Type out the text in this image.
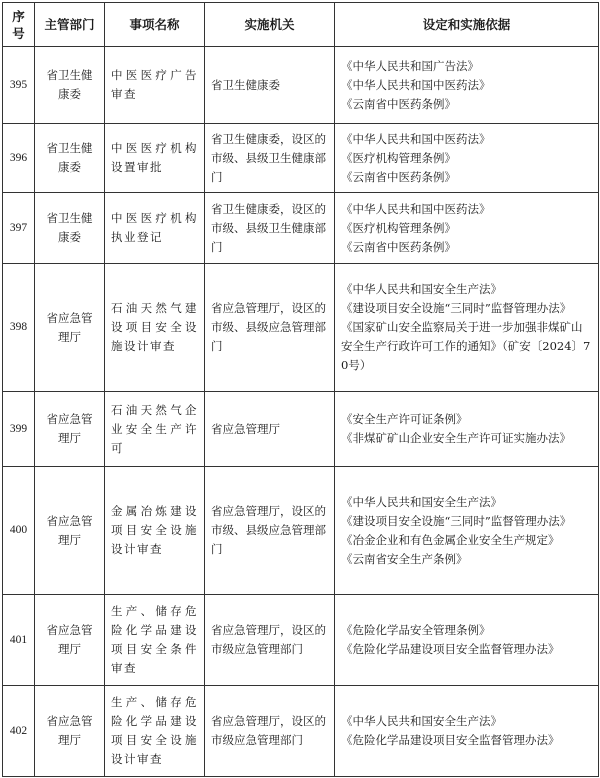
序
号	主管部门	事项名称	实施机关	设定和实施依据
395	省卫生健康委	中医医疗广告审查	省卫生健康委	《中华人民共和国广告法》
《中华人民共和国中医药法》
《云南省中医药条例》

396	省卫生健康委	中医医疗机构设置审批	省卫生健康委，设区的市级、县级卫生健康部门	《中华人民共和国中医药法》
《医疗机构管理条例》
《云南省中医药条例》

397	省卫生健康委	中医医疗机构执业登记	省卫生健康委，设区的市级、县级卫生健康部门	《中华人民共和国中医药法》
《医疗机构管理条例》
《云南省中医药条例》

398	省应急管理厅	石油天然气建设项目安全设施设计审查	省应急管理厅，设区的市级、县级应急管理部门	《中华人民共和国安全生产法》
《建设项目安全设施“三同时”监督管理办法》
《国家矿山安全监察局关于进一步加强非煤矿山安全生产行政许可工作的通知》（矿安〔2024〕70号）

399	省应急管理厅	石油天然气企业安全生产许可	省应急管理厅	《安全生产许可证条例》
《非煤矿矿山企业安全生产许可证实施办法》

400	省应急管理厅	金属冶炼建设项目安全设施设计审查	省应急管理厅，设区的市级、县级应急管理部门	《中华人民共和国安全生产法》
《建设项目安全设施“三同时”监督管理办法》
《冶金企业和有色金属企业安全生产规定》
《云南省安全生产条例》

401	省应急管理厅	生产、储存危险化学品建设项目安全条件审查	省应急管理厅，设区的市级应急管理部门	《危险化学品安全管理条例》
《危险化学品建设项目安全监督管理办法》

402	省应急管理厅	生产、储存危险化学品建设项目安全设施设计审查	省应急管理厅，设区的市级应急管理部门	《中华人民共和国安全生产法》
《危险化学品建设项目安全监督管理办法》
